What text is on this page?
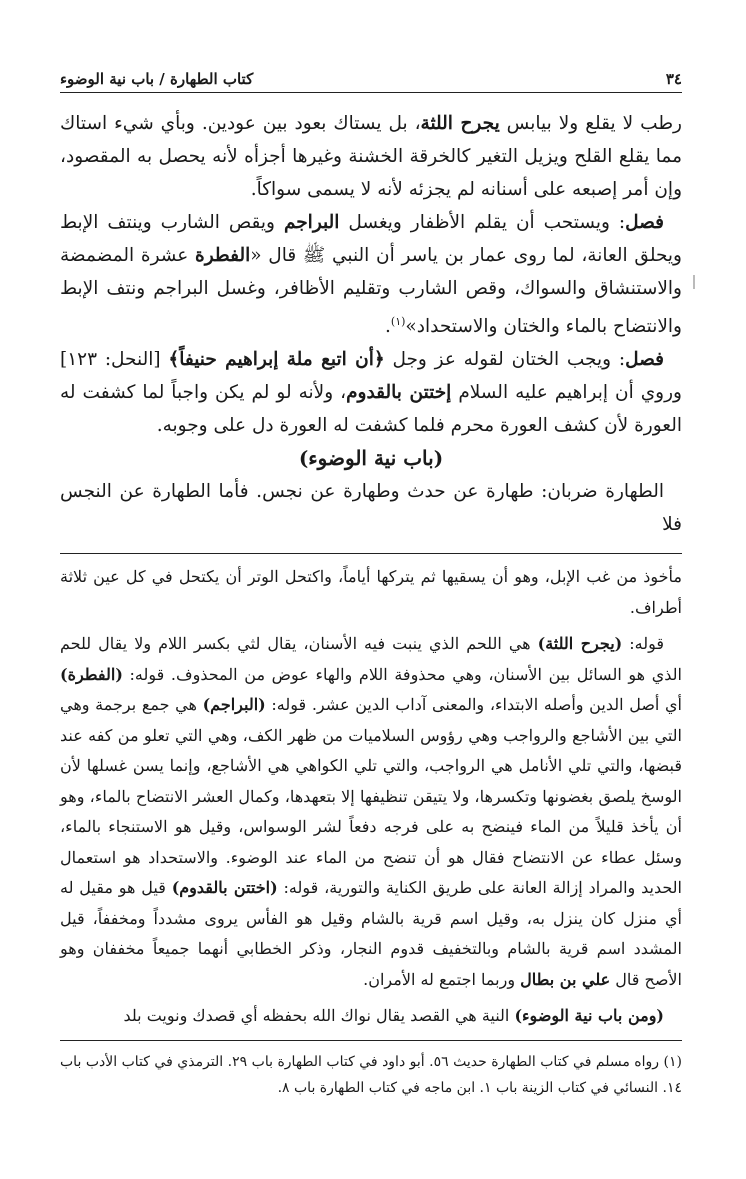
٣٤
كتاب الطهارة / باب نية الوضوء

رطب لا يقلع ولا بيابس يجرح اللثة، بل يستاك بعود بين عودين. وبأي شيء استاك مما يقلع القلح ويزيل التغير كالخرقة الخشنة وغيرها أجزأه لأنه يحصل به المقصود، وإن أمر إصبعه على أسنانه لم يجزئه لأنه لا يسمى سواكاً.

فصل: ويستحب أن يقلم الأظفار ويغسل البراجم ويقص الشارب وينتف الإبط ويحلق العانة، لما روى عمار بن ياسر أن النبي ﷺ قال «الفطرة عشرة المضمضة والاستنشاق والسواك، وقص الشارب وتقليم الأظافر، وغسل البراجم ونتف الإبط والانتضاح بالماء والختان والاستحداد»$^{(١)}$.

فصل: ويجب الختان لقوله عز وجل ﴿أن اتبع ملة إبراهيم حنيفاً﴾ [النحل: ١٢٣] وروي أن إبراهيم عليه السلام إختتن بالقدوم، ولأنه لو لم يكن واجباً لما كشفت له العورة لأن كشف العورة محرم فلما كشفت له العورة دل على وجوبه.

(باب نية الوضوء)

الطهارة ضربان: طهارة عن حدث وطهارة عن نجس. فأما الطهارة عن النجس فلا

مأخوذ من غب الإبل، وهو أن يسقيها ثم يتركها أياماً، واكتحل الوتر أن يكتحل في كل عين ثلاثة أطراف.

قوله: (يجرح اللثة) هي اللحم الذي ينبت فيه الأسنان، يقال لثي بكسر اللام ولا يقال للحم الذي هو السائل بين الأسنان، وهي محذوفة اللام والهاء عوض من المحذوف. قوله: (الفطرة) أي أصل الدين وأصله الابتداء، والمعنى آداب الدين عشر. قوله: (البراجم) هي جمع برجمة وهي التي بين الأشاجع والرواجب وهي رؤوس السلاميات من ظهر الكف، وهي التي تعلو من كفه عند قبضها، والتي تلي الأنامل هي الرواجب، والتي تلي الكواهي هي الأشاجع، وإنما يسن غسلها لأن الوسخ يلصق بغضونها وتكسرها، ولا يتيقن تنظيفها إلا بتعهدها، وكمال العشر الانتضاح بالماء، وهو أن يأخذ قليلاً من الماء فينضح به على فرجه دفعاً لشر الوسواس، وقيل هو الاستنجاء بالماء، وسئل عطاء عن الانتضاح فقال هو أن تنضح من الماء عند الوضوء. والاستحداد هو استعمال الحديد والمراد إزالة العانة على طريق الكناية والتورية، قوله: (اختتن بالقدوم) قيل هو مقيل له أي منزل كان ينزل به، وقيل اسم قرية بالشام وقيل هو الفأس يروى مشدداً ومخففاً، قيل المشدد اسم قرية بالشام وبالتخفيف قدوم النجار، وذكر الخطابي أنهما جميعاً مخففان وهو الأصح قال علي بن بطال وربما اجتمع له الأمران.

(ومن باب نية الوضوء) النية هي القصد يقال نواك الله بحفظه أي قصدك ونويت بلد

(١) رواه مسلم في كتاب الطهارة حديث ٥٦. أبو داود في كتاب الطهارة باب ٢٩. الترمذي في كتاب الأدب باب ١٤. النسائي في كتاب الزينة باب ١. ابن ماجه في كتاب الطهارة باب ٨.
